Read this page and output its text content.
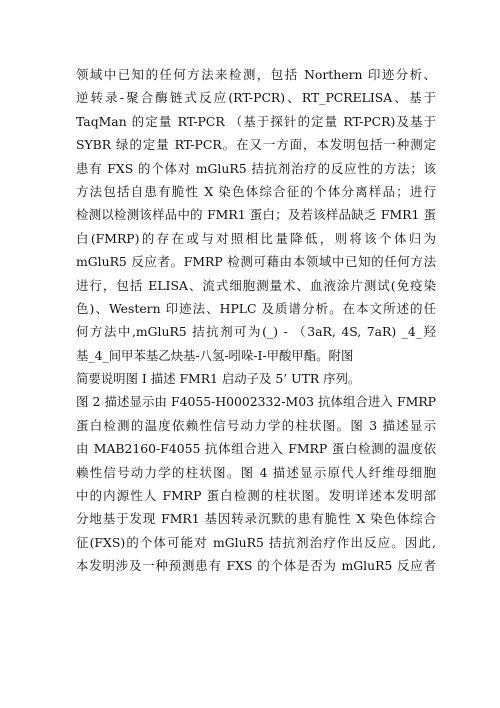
领域中已知的任何方法来检测，包括 Northern 印迹分析、
逆转录-聚合酶链式反应(RT-PCR)、RT_PCRELISA、基于
TaqMan 的定量 RT-PCR （基于探针的定量 RT-PCR)及基于
SYBR 绿的定量 RT-PCR。在又一方面，本发明包括一种测定
患有 FXS 的个体对 mGluR5 拮抗剂治疗的反应性的方法；该
方法包括自患有脆性 X 染色体综合征的个体分离样品；进行
检测以检测该样品中的 FMR1 蛋白；及若该样品缺乏 FMR1 蛋
白(FMRP)的存在或与对照相比量降低，则将该个体归为
mGluR5 反应者。FMRP 检测可藉由本领域中已知的任何方法
进行，包括 ELISA、流式细胞测量术、血液涂片测试(免疫染
色)、Western 印迹法、HPLC 及质谱分析。在本文所述的任
何方法中,mGluR5 拮抗剂可为(_) - （3aR, 4S, 7aR) _4_羟
基_4_间甲苯基乙炔基-八氢-吲哚-I-甲酸甲酯。附图
简要说明图 I 描述 FMR1 启动子及 5’ UTR 序列。
图 2 描述显示由 F4055-H0002332-M03 抗体组合进入 FMRP
蛋白检测的温度依赖性信号动力学的柱状图。图 3 描述显示
由 MAB2160-F4055 抗体组合进入 FMRP 蛋白检测的温度依
赖性信号动力学的柱状图。图 4 描述显示原代人纤维母细胞
中的内源性人 FMRP 蛋白检测的柱状图。发明详述本发明部
分地基于发现 FMR1 基因转录沉默的患有脆性 X 染色体综合
征(FXS)的个体可能对 mGluR5 拮抗剂治疗作出反应。因此,
本发明涉及一种预测患有 FXS 的个体是否为 mGluR5 反应者
